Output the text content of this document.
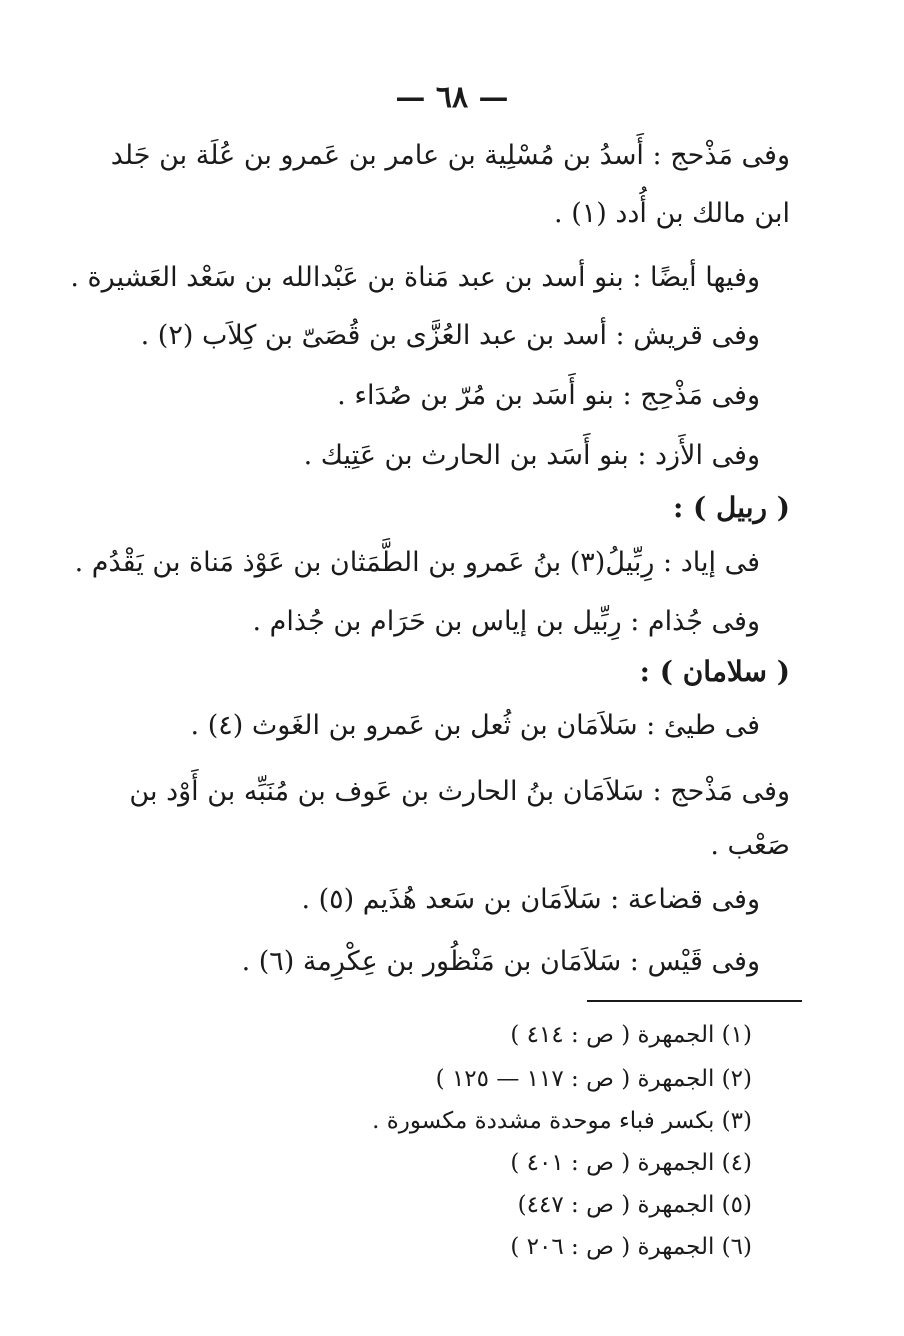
— ٦٨ —
وفى مَذْحج : أَسدُ بن مُسْلِية بن عامر بن عَمرو بن عُلَة بن جَلد
ابن مالك بن أُدد (١) .
وفيها أيضًا : بنو أسد بن عبد مَناة بن عَبْدالله بن سَعْد العَشيرة .
وفى قريش : أسد بن عبد العُزَّى بن قُصَىّ بن كِلاَب (٢) .
وفى مَذْحِج : بنو أَسَد بن مُرّ بن صُدَاء .
وفى الأَزد : بنو أَسَد بن الحارث بن عَتِيك .
( ربيل ) :
فى إياد : رِبِّيلُ(٣) بنُ عَمرو بن الطَّمَثان بن عَوْذ مَناة بن يَقْدُم .
وفى جُذام : رِبِّيل بن إياس بن حَرَام بن جُذام .
( سلامان ) :
فى طيئ : سَلاَمَان بن ثُعل بن عَمرو بن الغَوث (٤) .
وفى مَذْحج : سَلاَمَان بنُ الحارث بن عَوف بن مُنَبِّه بن أَوْد بن
صَعْب .
وفى قضاعة : سَلاَمَان بن سَعد هُذَيم (٥) .
وفى قَيْس : سَلاَمَان بن مَنْظُور بن عِكْرِمة (٦) .
(١) الجمهرة ( ص : ٤١٤ )
(٢) الجمهرة ( ص : ١١٧ — ١٢٥ )
(٣) بكسر فباء موحدة مشددة مكسورة .
(٤) الجمهرة ( ص : ٤٠١ )
(٥) الجمهرة ( ص : ٤٤٧)
(٦) الجمهرة ( ص : ٢٠٦ )
